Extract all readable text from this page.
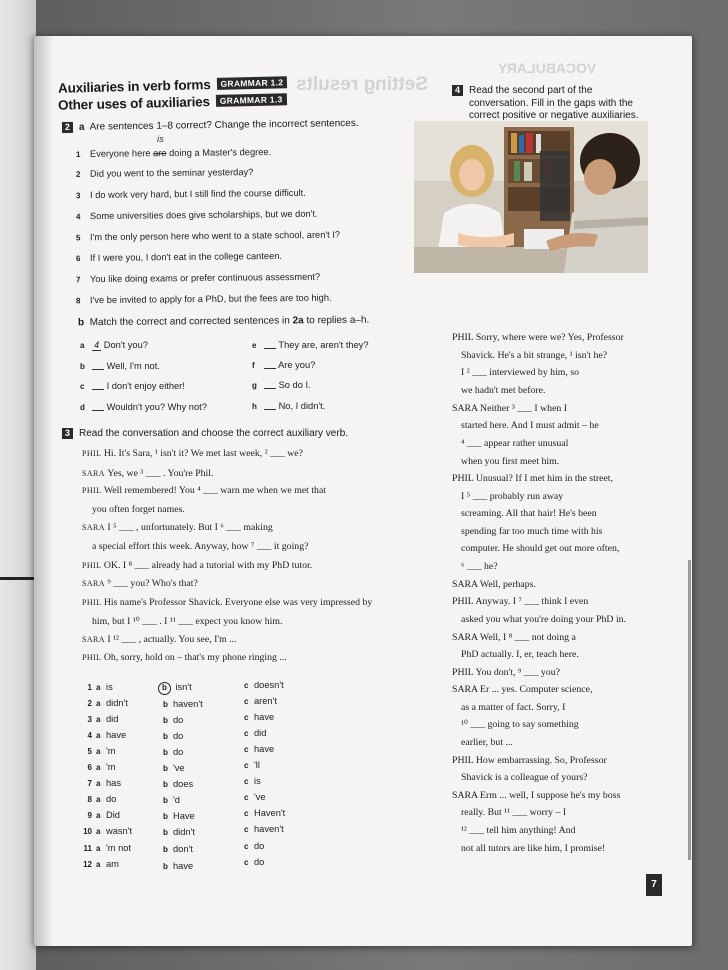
Setting results
VOCABULARY
Auxiliaries in verb forms GRAMMAR 1.2
Other uses of auxiliaries GRAMMAR 1.3
2 a Are sentences 1–8 correct? Change the incorrect sentences.
is
1 Everyone here are doing a Master's degree.
2 Did you went to the seminar yesterday?
3 I do work very hard, but I still find the course difficult.
4 Some universities does give scholarships, but we don't.
5 I'm the only person here who went to a state school, aren't I?
6 If I were you, I don't eat in the college canteen.
7 You like doing exams or prefer continuous assessment?
8 I've be invited to apply for a PhD, but the fees are too high.
b Match the correct and corrected sentences in 2a to replies a–h.
a 4 Don't you?
b Well, I'm not.
c I don't enjoy either!
d Wouldn't you? Why not?
e They are, aren't they?
f	Are you?
g So do I.
h No, I didn't.
3 Read the conversation and choose the correct auxiliary verb.
PHIL Hi. It's Sara, ¹ isn't it? We met last week, ² ___ we?
SARA Yes, we ³ ___ . You're Phil.
PHIL Well remembered! You ⁴ ___ warn me when we met that
you often forget names.
SARA I ⁵ ___ , unfortunately. But I ⁶ ___ making
a special effort this week. Anyway, how ⁷ ___ it going?
PHIL OK. I ⁸ ___ already had a tutorial with my PhD tutor.
SARA ⁹ ___ you? Who's that?
PHIL His name's Professor Shavick. Everyone else was very impressed by
him, but I ¹⁰ ___ . I ¹¹ ___ expect you know him.
SARA I ¹² ___ , actually. You see, I'm ...
PHIL Oh, sorry, hold on – that's my phone ringing ...
1 a is	b isn't	c doesn't
2 a didn't	b haven't	c aren't
3 a did	b do	c have
4 a have	b do	c did
5 a 'm	b do	c have
6 a 'm	b 've	c 'll
7 a has	b does	c is
8 a do	b 'd	c 've
9 a Did	b Have	c Haven't
10 a wasn't	b didn't	c haven't
11 a 'm not	b don't	c do
12 a am	b have	c do
4 Read the second part of the
conversation. Fill in the gaps with the
correct positive or negative auxiliaries.
PHIL Sorry, where were we? Yes, Professor
Shavick. He's a bit strange, ¹ isn't he?
I ² ___ interviewed by him, so
we hadn't met before.
SARA Neither ³ ___ I when I
started here. And I must admit – he
⁴ ___ appear rather unusual
when you first meet him.
PHIL Unusual? If I met him in the street,
I ⁵ ___ probably run away
screaming. All that hair! He's been
spending far too much time with his
computer. He should get out more often,
⁶ ___ he?
SARA Well, perhaps.
PHIL Anyway. I ⁷ ___ think I even
asked you what you're doing your PhD in.
SARA Well, I ⁸ ___ not doing a
PhD actually. I, er, teach here.
PHIL You don't, ⁹ ___ you?
SARA Er ... yes. Computer science,
as a matter of fact. Sorry, I
¹⁰ ___ going to say something
earlier, but ...
PHIL How embarrassing. So, Professor
Shavick is a colleague of yours?
SARA Erm ... well, I suppose he's my boss
really. But ¹¹ ___ worry – I
¹² ___ tell him anything! And
not all tutors are like him, I promise!
7
